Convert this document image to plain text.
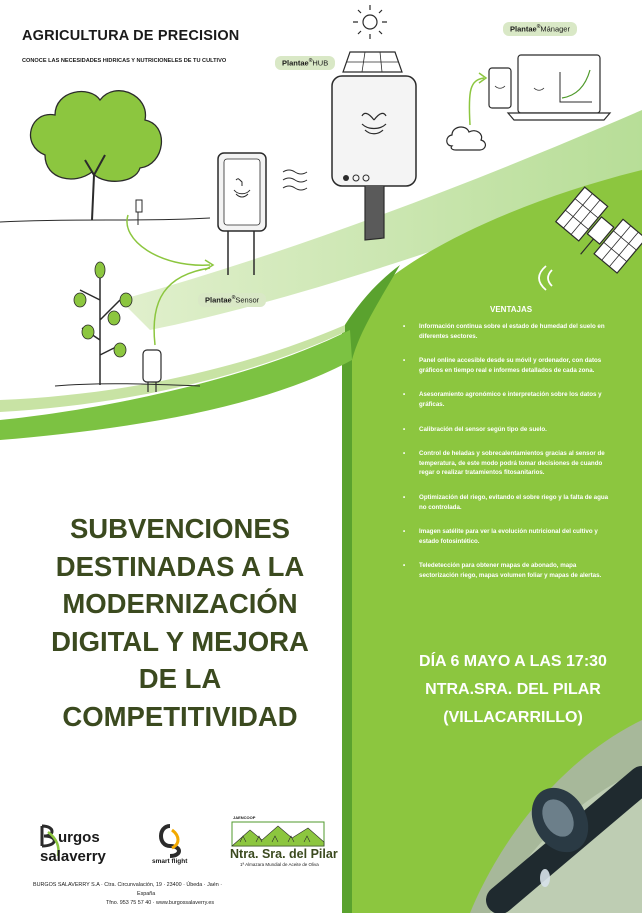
AGRICULTURA DE PRECISION
CONOCE LAS NECESIDADES HIDRICAS Y NUTRICIONELES DE TU CULTIVO	Plantae®HUB
Plantae®Mánager
Plantae®Sensor
VENTAJAS
• Información continua sobre el estado de humedad del suelo en diferentes sectores.
• Panel online accesible desde su móvil y ordenador, con datos gráficos en tiempo real e informes detallados de cada zona.
• Asesoramiento agronómico e interpretación sobre los datos y gráficas.
• Calibración del sensor según tipo de suelo.
• Control de heladas y sobrecalentamientos gracias al sensor de temperatura, de este modo podrá tomar decisiones de cuando regar o realizar tratamientos fitosanitarios.
• Optimización del riego, evitando el sobre riego y la falta de agua no controlada.
• Imagen satélite para ver la evolución nutricional del cultivo y estado fotosintético.
• Teledetección para obtener mapas de abonado, mapa sectorización riego, mapas volumen foliar y mapas de alertas.
SUBVENCIONES
DESTINADAS A LA
MODERNIZACIÓN
DIGITAL Y MEJORA
DE LA
COMPETITIVIDAD
DÍA 6 MAYO A LAS 17:30
NTRA.SRA. DEL PILAR
(VILLACARRILLO)
urgos
salaverry	smart flight
JAENCOOP
Ntra. Sra. del Pilar
1ª Almazara Mundial de Aceite de Oliva
BURGOS SALAVERRY S.A · Ctra. Circunvalación, 19 · 23400 · Úbeda · Jaén ·
España
Tfno. 953 75 57 40 · www.burgossalaverry.es
